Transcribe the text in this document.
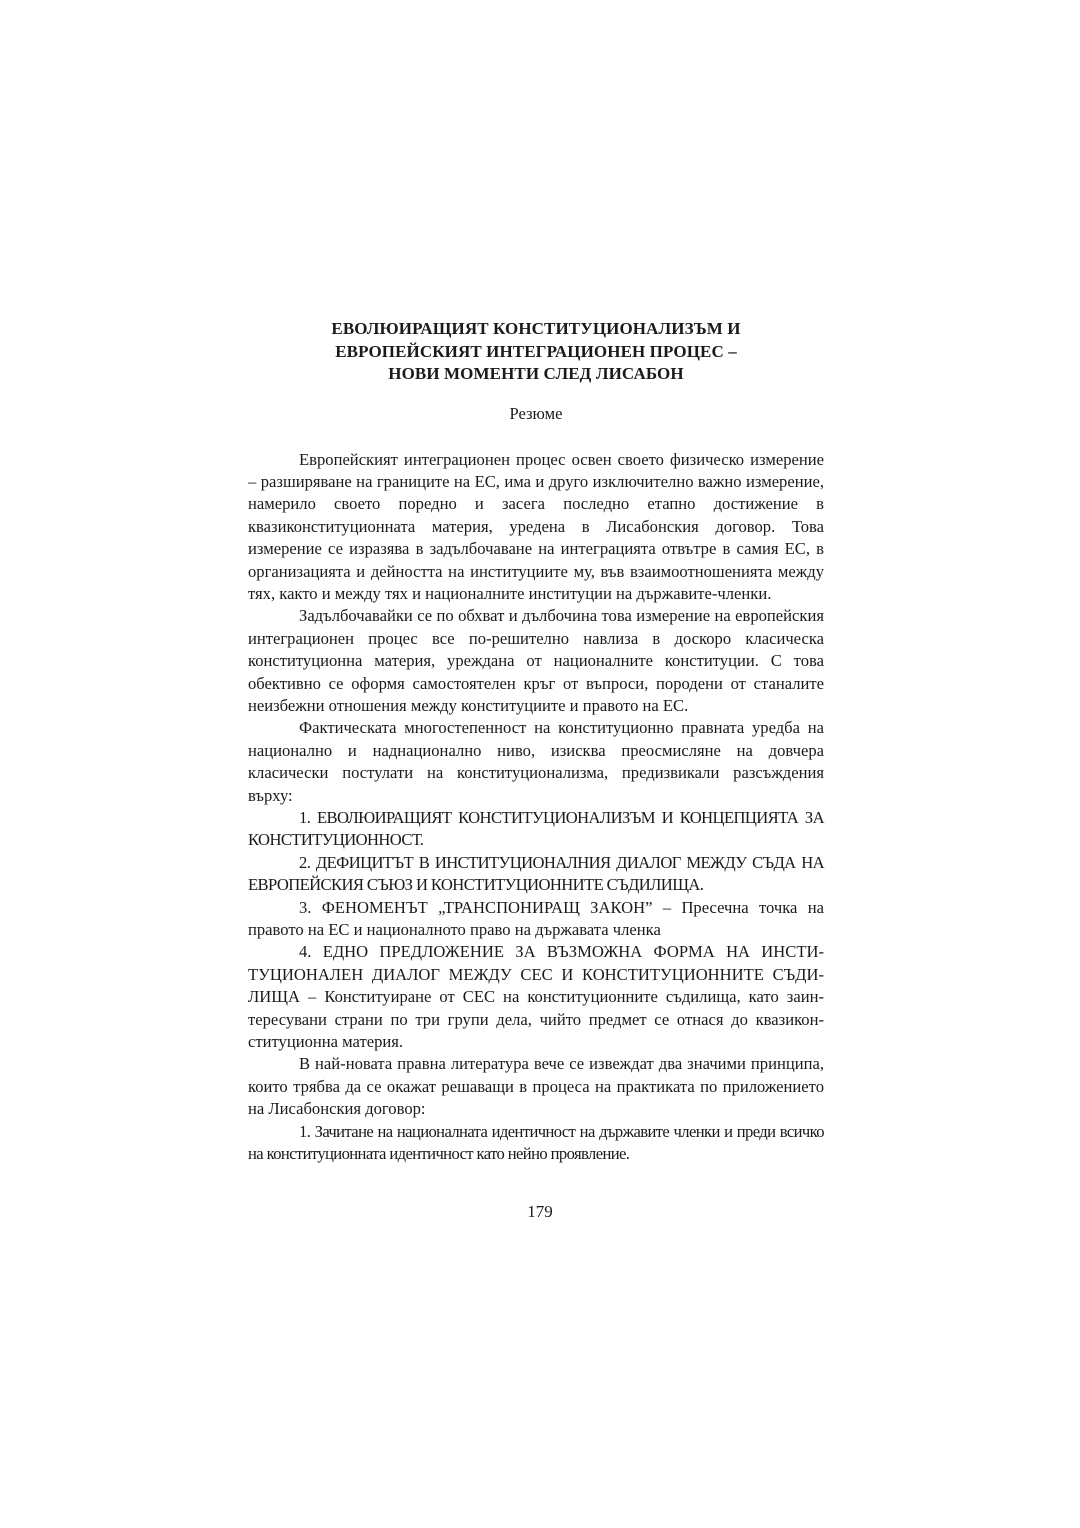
ЕВОЛЮИРАЩИЯТ КОНСТИТУЦИОНАЛИЗЪМ И
ЕВРОПЕЙСКИЯТ ИНТЕГРАЦИОНЕН ПРОЦЕС –
НОВИ МОМЕНТИ СЛЕД ЛИСАБОН
Резюме

Европейският интеграционен процес освен своето физическо измерение – разширяване на границите на ЕС, има и друго изключително важно измерение, намерило своето поредно и засега последно етапно достижение в квазиконституционната материя, уредена в Лисабонския договор. Това измерение се изразява в задълбочаване на интеграцията отвътре в самия ЕС, в организацията и дейността на институциите му, във взаимоотношенията между тях, както и между тях и националните институции на държавите-членки.

Задълбочавайки се по обхват и дълбочина това измерение на европейския интеграционен процес все по-решително навлиза в доскоро класическа конституционна материя, уреждана от националните конституции. С това обективно се оформя самостоятелен кръг от въпроси, породени от станалите неизбежни отношения между конституциите и правото на ЕС.

Фактическата многостепенност на конституционно правната уредба на национално и наднационално ниво, изисква преосмисляне на довчера класически постулати на конституционализма, предизвикали разсъждения върху:

1. ЕВОЛЮИРАЩИЯТ КОНСТИТУЦИОНАЛИЗЪМ И КОНЦЕПЦИЯТА ЗА КОНСТИТУЦИОННОСТ.

2. ДЕФИЦИТЪТ В ИНСТИТУЦИОНАЛНИЯ ДИАЛОГ МЕЖДУ СЪДА НА ЕВРОПЕЙСКИЯ СЪЮЗ И КОНСТИТУЦИОННИТЕ СЪДИЛИЩА.

3. ФЕНОМЕНЪТ „ТРАНСПОНИРАЩ ЗАКОН” – Пресечна точка на правото на ЕС и националното право на държавата членка

4. ЕДНО ПРЕДЛОЖЕНИЕ ЗА ВЪЗМОЖНА ФОРМА НА ИНСТИТУЦИОНАЛЕН ДИАЛОГ МЕЖДУ СЕС И КОНСТИТУЦИОННИТЕ СЪДИЛИЩА – Конституиране от СЕС на конституционните съдилища, като заинтересувани страни по три групи дела, чийто предмет се отнася до квазиконституционна материя.

В най-новата правна литература вече се извеждат два значими принципа, които трябва да се окажат решаващи в процеса на практиката по приложението на Лисабонския договор:

1. Зачитане на националната идентичност на държавите членки и преди всичко на конституционната идентичност като нейно проявление.

179
